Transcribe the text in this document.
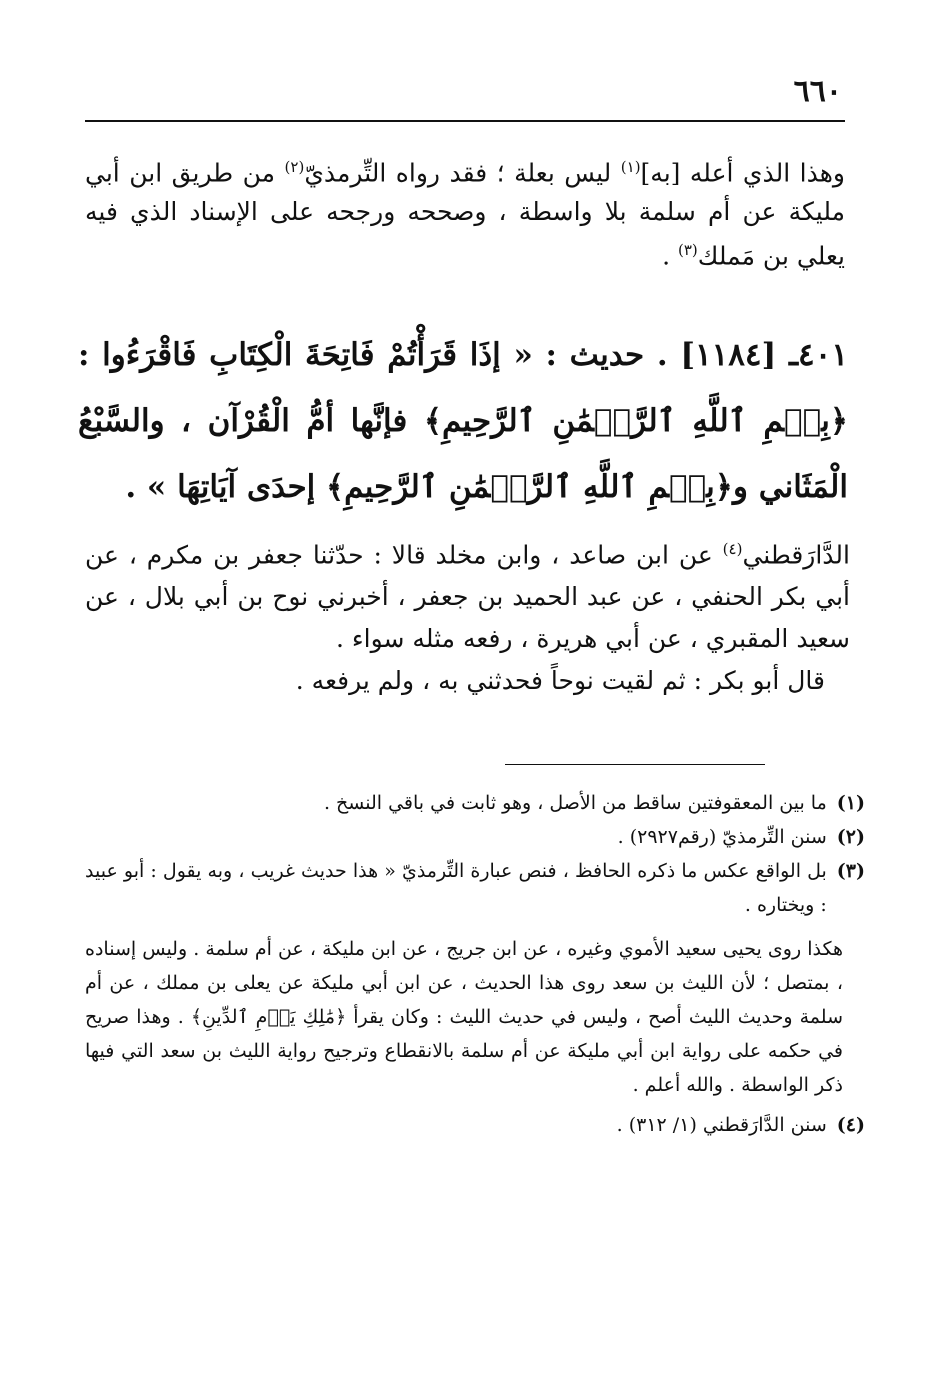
٦٦٠
وهذا الذي أعله [به]$^{(١)}$ ليس بعلة ؛ فقد رواه التِّرمذيّ$^{(٢)}$ من طريق ابن أبي مليكة عن أم سلمة بلا واسطة ، وصححه ورجحه على الإسناد الذي فيه يعلي بن مَملك$^{(٣)}$ .
٤٠١ـ [١١٨٤] . حديث : « إذَا قَرَأْتُمْ فَاتِحَةَ الْكِتَابِ فَاقْرَءُوا : ﴿بِسۡمِ ٱللَّهِ ٱلرَّحۡمَٰنِ ٱلرَّحِيمِ﴾ فإنَّها أمُّ الْقُرْآن ، والسَّبْعُ الْمَثَاني و﴿بِسۡمِ ٱللَّهِ ٱلرَّحۡمَٰنِ ٱلرَّحِيمِ﴾ إحدَى آيَاتِهَا » .

الدَّارَقطني$^{(٤)}$ عن ابن صاعد ، وابن مخلد قالا : حدّثنا جعفر بن مكرم ، عن أبي بكر الحنفي ، عن عبد الحميد بن جعفر ، أخبرني نوح بن أبي بلال ، عن سعيد المقبري ، عن أبي هريرة ، رفعه مثله سواء .

قال أبو بكر : ثم لقيت نوحاً فحدثني به ، ولم يرفعه .

(١)
ما بين المعقوفتين ساقط من الأصل ، وهو ثابت في باقي النسخ .
(٢)
سنن التِّرمذيّ (رقم٢٩٢٧) .
(٣)
بل الواقع عكس ما ذكره الحافظ ، فنص عبارة التِّرمذيّ « هذا حديث غريب ، وبه يقول : أبو عبيد : ويختاره .

هكذا روى يحيى سعيد الأموي وغيره ، عن ابن جريج ، عن ابن مليكة ، عن أم سلمة . وليس إسناده ، بمتصل ؛ لأن الليث بن سعد روى هذا الحديث ، عن ابن أبي مليكة عن يعلى بن مملك ، عن أم سلمة وحديث الليث أصح ، وليس في حديث الليث : وكان يقرأ ﴿مَٰلِكِ يَوۡمِ ٱلدِّينِ﴾ . وهذا صريح في حكمه على رواية ابن أبي مليكة عن أم سلمة بالانقطاع وترجيح رواية الليث بن سعد التي فيها ذكر الواسطة . والله أعلم .

(٤)
سنن الدَّارَقطني (١/ ٣١٢) .
